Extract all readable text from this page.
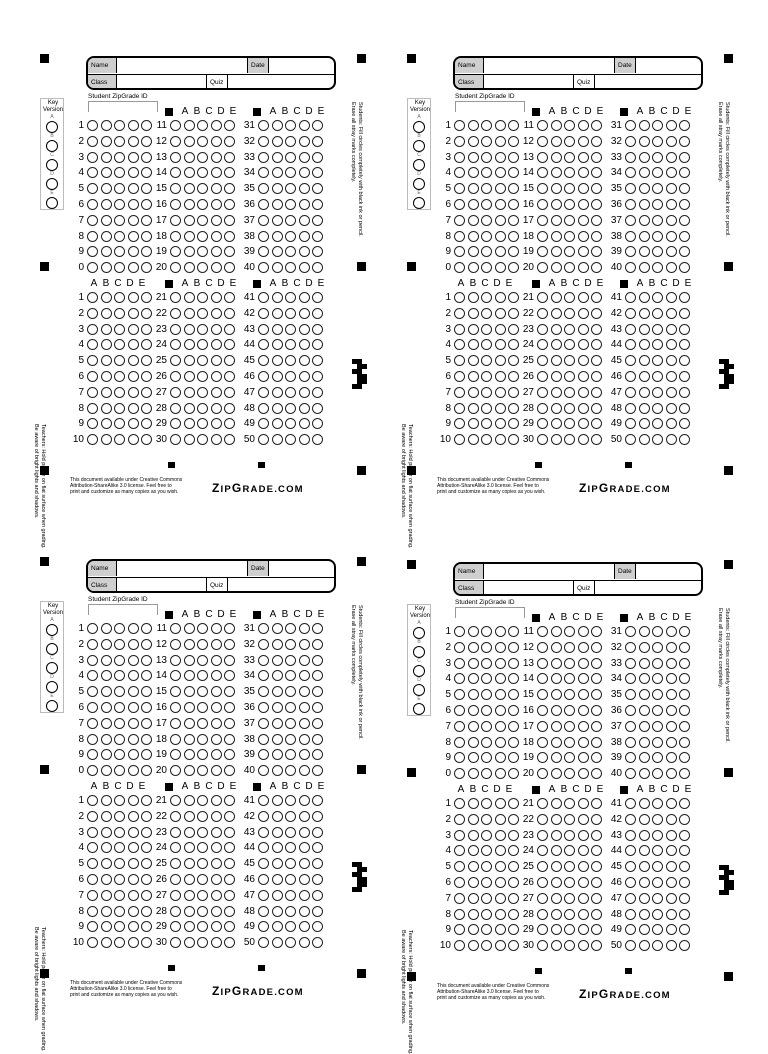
Name	Date
Class	Quiz
Student ZipGrade ID
Key
Version
A
B
C
D
E
1	11	31
2	12	32
3	13	33
4	14	34
5	15	35
6	16	36
7	17	37
8	18	38
9	19	39
0	20	40
1	21	41
2	22	42
3	23	43
4	24	44
5	25	45
6	26	46
7	27	47
8	28	48
9	29	49
10	30	50
A B C D E	A B C D E
A B C D E	A B C D E	A B C D E
Students: Fill circles completely with black ink or pencil.
Erase all stray marks completely.
Teachers: Hold paper on flat surface when grading.
Be aware of bright lights and shadows.	This document available under Creative Commons
Attribution-ShareAlike 3.0 license. Feel free to
print and customize as many copies as you wish.	ZIPGRADE.COM
Name	Date
Class	Quiz
Student ZipGrade ID
Key
Version
A
B
C
D
E
1	11	31
2	12	32
3	13	33
4	14	34
5	15	35
6	16	36
7	17	37
8	18	38
9	19	39
0	20	40
1	21	41
2	22	42
3	23	43
4	24	44
5	25	45
6	26	46
7	27	47
8	28	48
9	29	49
10	30	50
A B C D E	A B C D E
A B C D E	A B C D E	A B C D E
Students: Fill circles completely with black ink or pencil.
Erase all stray marks completely.
Teachers: Hold paper on flat surface when grading.
Be aware of bright lights and shadows.	This document available under Creative Commons
Attribution-ShareAlike 3.0 license. Feel free to
print and customize as many copies as you wish.	ZIPGRADE.COM
Name	Date
Class	Quiz
Student ZipGrade ID
Key
Version
A
B
C
D
E
1	11	31
2	12	32
3	13	33
4	14	34
5	15	35
6	16	36
7	17	37
8	18	38
9	19	39
0	20	40
1	21	41
2	22	42
3	23	43
4	24	44
5	25	45
6	26	46
7	27	47
8	28	48
9	29	49
10	30	50
A B C D E	A B C D E
A B C D E	A B C D E	A B C D E
Students: Fill circles completely with black ink or pencil.
Erase all stray marks completely.
Teachers: Hold paper on flat surface when grading.
Be aware of bright lights and shadows.	This document available under Creative Commons
Attribution-ShareAlike 3.0 license. Feel free to
print and customize as many copies as you wish.	ZIPGRADE.COM
Name	Date
Class	Quiz
Student ZipGrade ID
Key
Version
A
B
C
D
E
1	11	31
2	12	32
3	13	33
4	14	34
5	15	35
6	16	36
7	17	37
8	18	38
9	19	39
0	20	40
1	21	41
2	22	42
3	23	43
4	24	44
5	25	45
6	26	46
7	27	47
8	28	48
9	29	49
10	30	50
A B C D E	A B C D E
A B C D E	A B C D E	A B C D E
Students: Fill circles completely with black ink or pencil.
Erase all stray marks completely.
Teachers: Hold paper on flat surface when grading.
Be aware of bright lights and shadows.	This document available under Creative Commons
Attribution-ShareAlike 3.0 license. Feel free to
print and customize as many copies as you wish.	ZIPGRADE.COM
